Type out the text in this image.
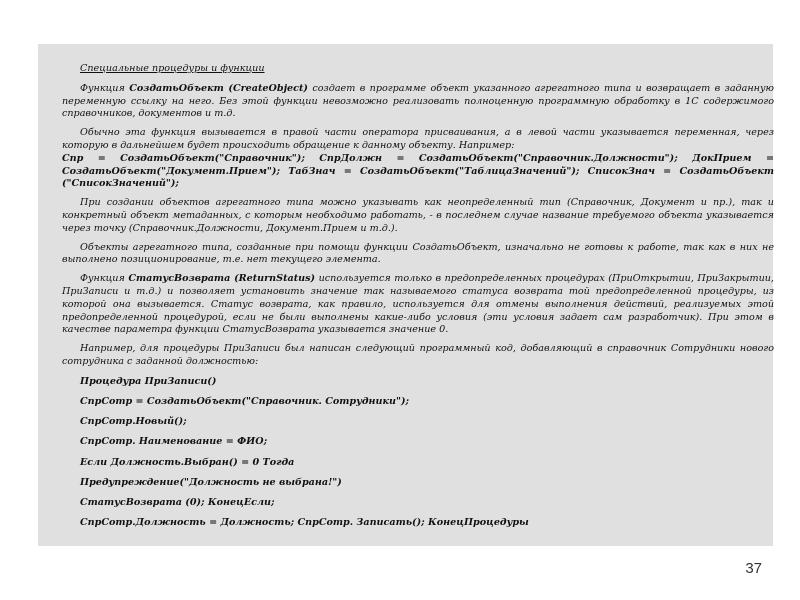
Специальные процедуры и функции

Функция СоздатьОбъект (CreateObject) создает в программе объект указанного агрегатного типа и возвращает в заданную переменную ссылку на него. Без этой функции невозможно реализовать полноценную программную обработку в 1С содержимого справочников, документов и т.д.

Обычно эта функция вызывается в правой части оператора присваивания, а в левой части указывается переменная, через которую в дальнейшем будет происходить обращение к данному объекту. Например:
Спр = СоздатьОбъект("Справочник"); СпрДолжн = СоздатьОбъект("Справочник.Должности"); ДокПрием = СоздатьОбъект("Документ.Прием"); ТабЗнач = СоздатьОбъект("ТаблицаЗначений"); СписокЗнач = СоздатьОбъект ("СписокЗначений");

При создании объектов агрегатного типа можно указывать как неопределенный тип (Справочник, Документ и пр.), так и конкретный объект метаданных, с которым необходимо работать, - в последнем случае название требуемого объекта указывается через точку (Справочник.Должности, Документ.Прием и т.д.).

Объекты агрегатного типа, созданные при помощи функции СоздатьОбъект, изначально не готовы к работе, так как в них не выполнено позиционирование, т.е. нет текущего элемента.

Функция СтатусВозврата (ReturnStatus) используется только в предопределенных процедурах (ПриОткрытии, ПриЗакрытии, ПриЗаписи и т.д.) и позволяет установить значение так называемого статуса возврата той предопределенной процедуры, из которой она вызывается. Статус возврата, как правило, используется для отмены выполнения действий, реализуемых этой предопределенной процедурой, если не были выполнены какие-либо условия (эти условия задает сам разработчик). При этом в качестве параметра функции СтатусВозврата указывается значение 0.

Например, для процедуры ПриЗаписи был написан следующий программный код, добавляющий в справочник Сотрудники нового сотрудника с заданной должностью:

Процедура ПриЗаписи()

СпрСотр = СоздатьОбъект("Справочник. Сотрудники");

СпрСотр.Новый();

СпрСотр. Наименование = ФИО;

Если Должность.Выбран() = 0 Тогда

Предупреждение("Должность не выбрана!")

СтатусВозврата (0); КонецЕсли;

СпрСотр.Должность = Должность; СпрСотр. Записать(); КонецПроцедуры

37
